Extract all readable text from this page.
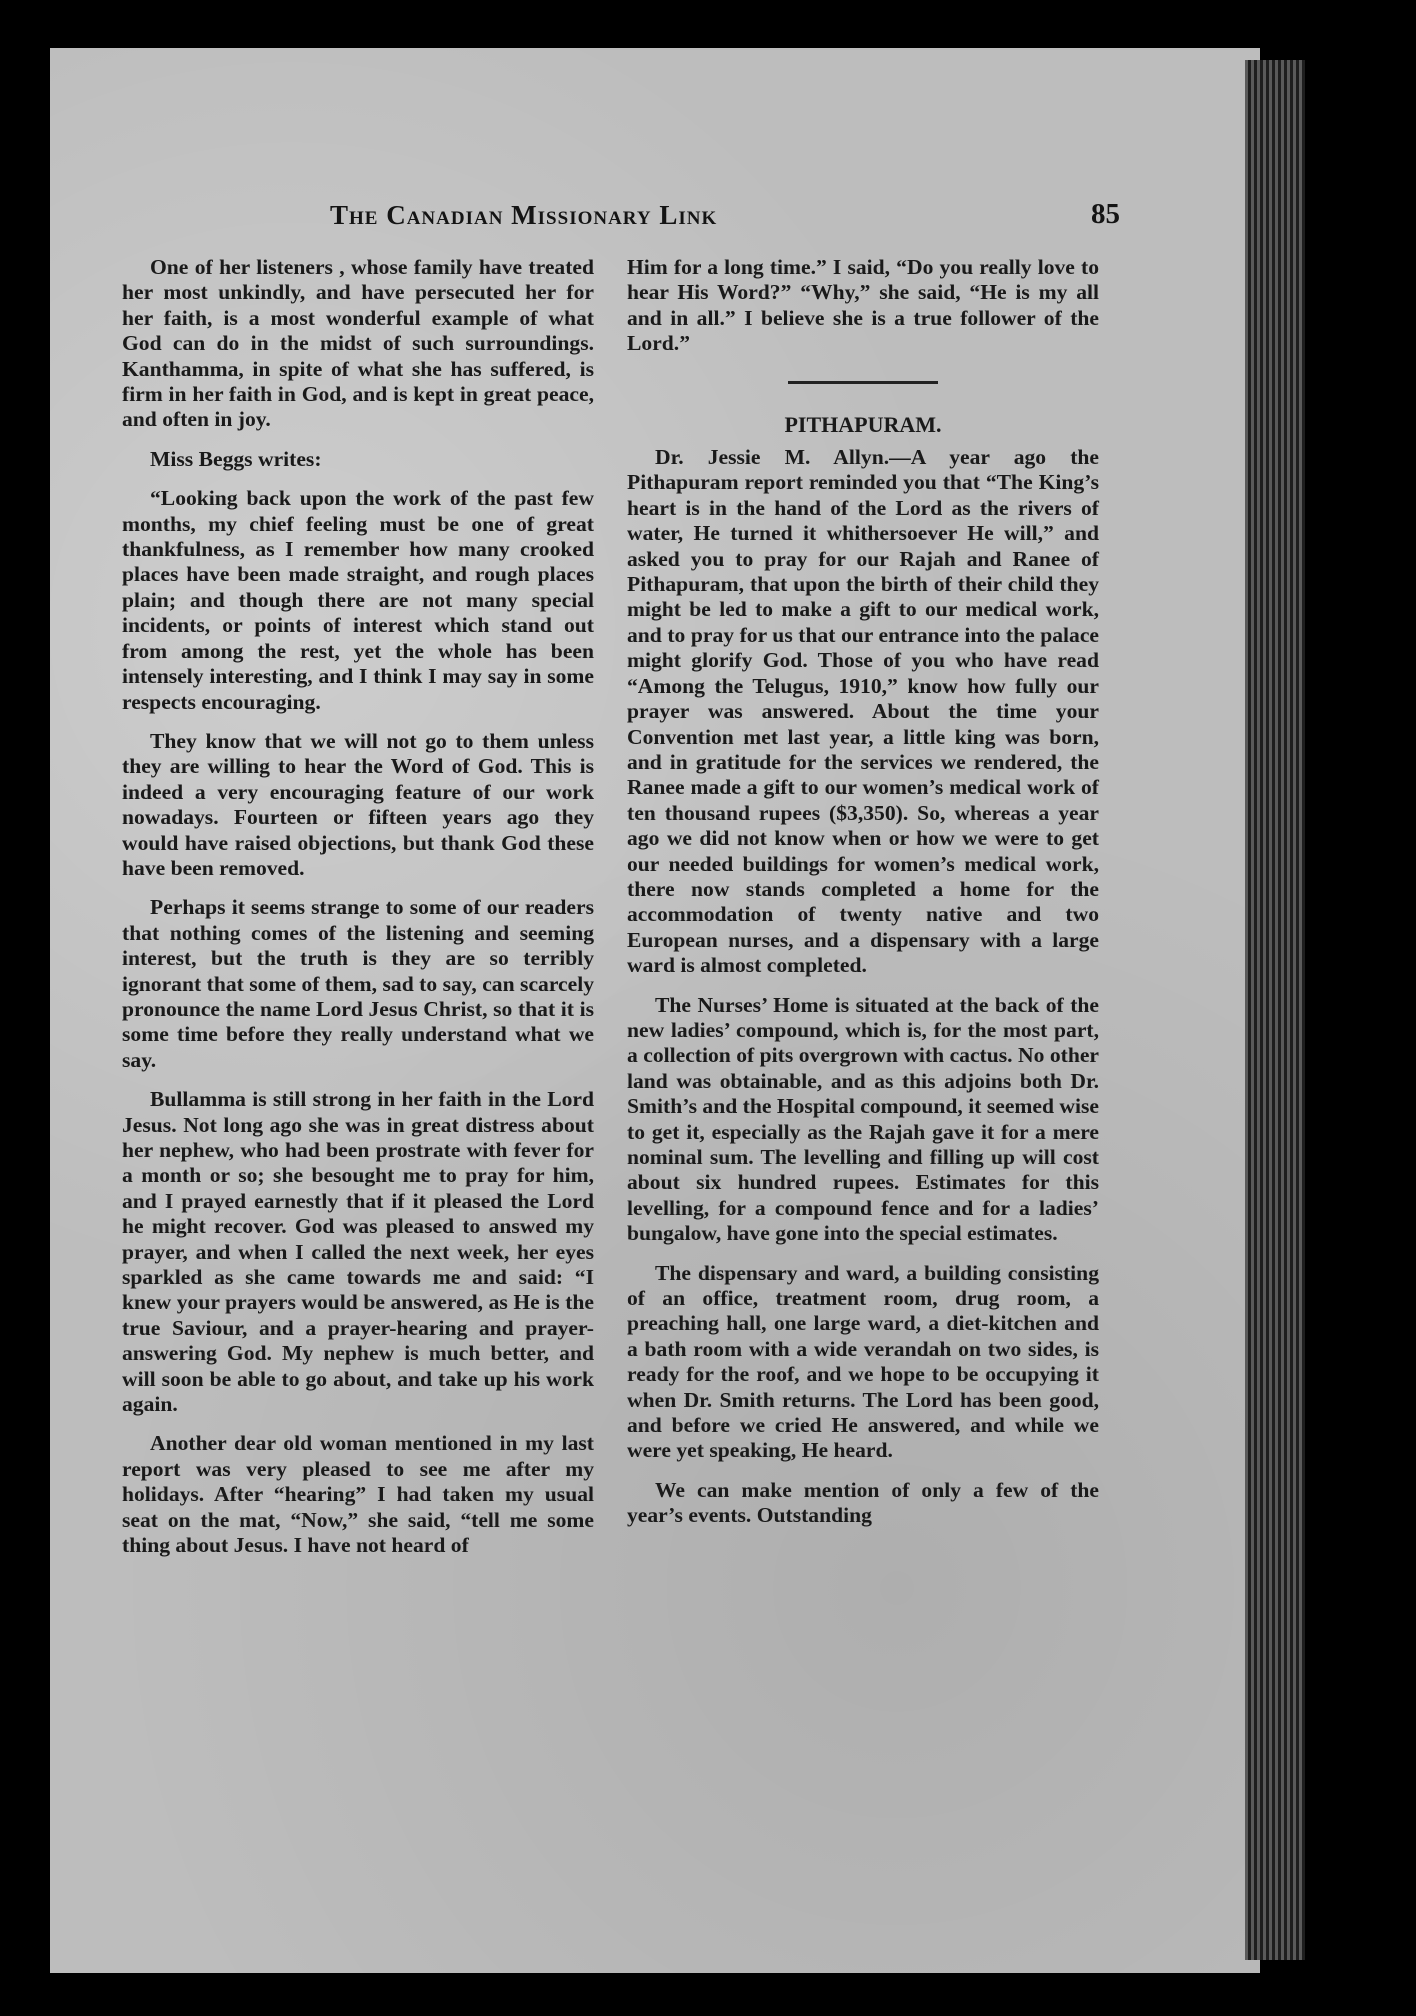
The Canadian Missionary Link	85

One of her listeners , whose family have treated her most unkindly, and have persecuted her for her faith, is a most wonderful example of what God can do in the midst of such surroundings. Kanthamma, in spite of what she has suffered, is firm in her faith in God, and is kept in great peace, and often in joy.

Miss Beggs writes:

“Looking back upon the work of the past few months, my chief feeling must be one of great thankfulness, as I remember how many crooked places have been made straight, and rough places plain; and though there are not many special incidents, or points of interest which stand out from among the rest, yet the whole has been intensely interesting, and I think I may say in some respects encouraging.

They know that we will not go to them unless they are willing to hear the Word of God. This is indeed a very encouraging feature of our work nowadays. Fourteen or fifteen years ago they would have raised objections, but thank God these have been removed.

Perhaps it seems strange to some of our readers that nothing comes of the listening and seeming interest, but the truth is they are so terribly ignorant that some of them, sad to say, can scarcely pronounce the name Lord Jesus Christ, so that it is some time before they really understand what we say.

Bullamma is still strong in her faith in the Lord Jesus. Not long ago she was in great distress about her nephew, who had been prostrate with fever for a month or so; she besought me to pray for him, and I prayed earnestly that if it pleased the Lord he might recover. God was pleased to answed my prayer, and when I called the next week, her eyes sparkled as she came towards me and said: “I knew your prayers would be answered, as He is the true Saviour, and a prayer-hearing and prayer-answering God. My nephew is much better, and will soon be able to go about, and take up his work again.

Another dear old woman mentioned in my last report was very pleased to see me after my holidays. After “hearing” I had taken my usual seat on the mat, “Now,” she said, “tell me some thing about Jesus. I have not heard of

Him for a long time.” I said, “Do you really love to hear His Word?” “Why,” she said, “He is my all and in all.” I believe she is a true follower of the Lord.”

PITHAPURAM.

Dr. Jessie M. Allyn.—A year ago the Pithapuram report reminded you that “The King’s heart is in the hand of the Lord as the rivers of water, He turned it whithersoever He will,” and asked you to pray for our Rajah and Ranee of Pithapuram, that upon the birth of their child they might be led to make a gift to our medical work, and to pray for us that our entrance into the palace might glorify God. Those of you who have read “Among the Telugus, 1910,” know how fully our prayer was answered. About the time your Convention met last year, a little king was born, and in gratitude for the services we rendered, the Ranee made a gift to our women’s medical work of ten thousand rupees ($3,350). So, whereas a year ago we did not know when or how we were to get our needed buildings for women’s medical work, there now stands completed a home for the accommodation of twenty native and two European nurses, and a dispensary with a large ward is almost completed.

The Nurses’ Home is situated at the back of the new ladies’ compound, which is, for the most part, a collection of pits overgrown with cactus. No other land was obtainable, and as this adjoins both Dr. Smith’s and the Hospital compound, it seemed wise to get it, especially as the Rajah gave it for a mere nominal sum. The levelling and filling up will cost about six hundred rupees. Estimates for this levelling, for a compound fence and for a ladies’ bungalow, have gone into the special estimates.

The dispensary and ward, a building consisting of an office, treatment room, drug room, a preaching hall, one large ward, a diet-kitchen and a bath room with a wide verandah on two sides, is ready for the roof, and we hope to be occupying it when Dr. Smith returns. The Lord has been good, and before we cried He answered, and while we were yet speaking, He heard.

We can make mention of only a few of the year’s events. Outstanding
